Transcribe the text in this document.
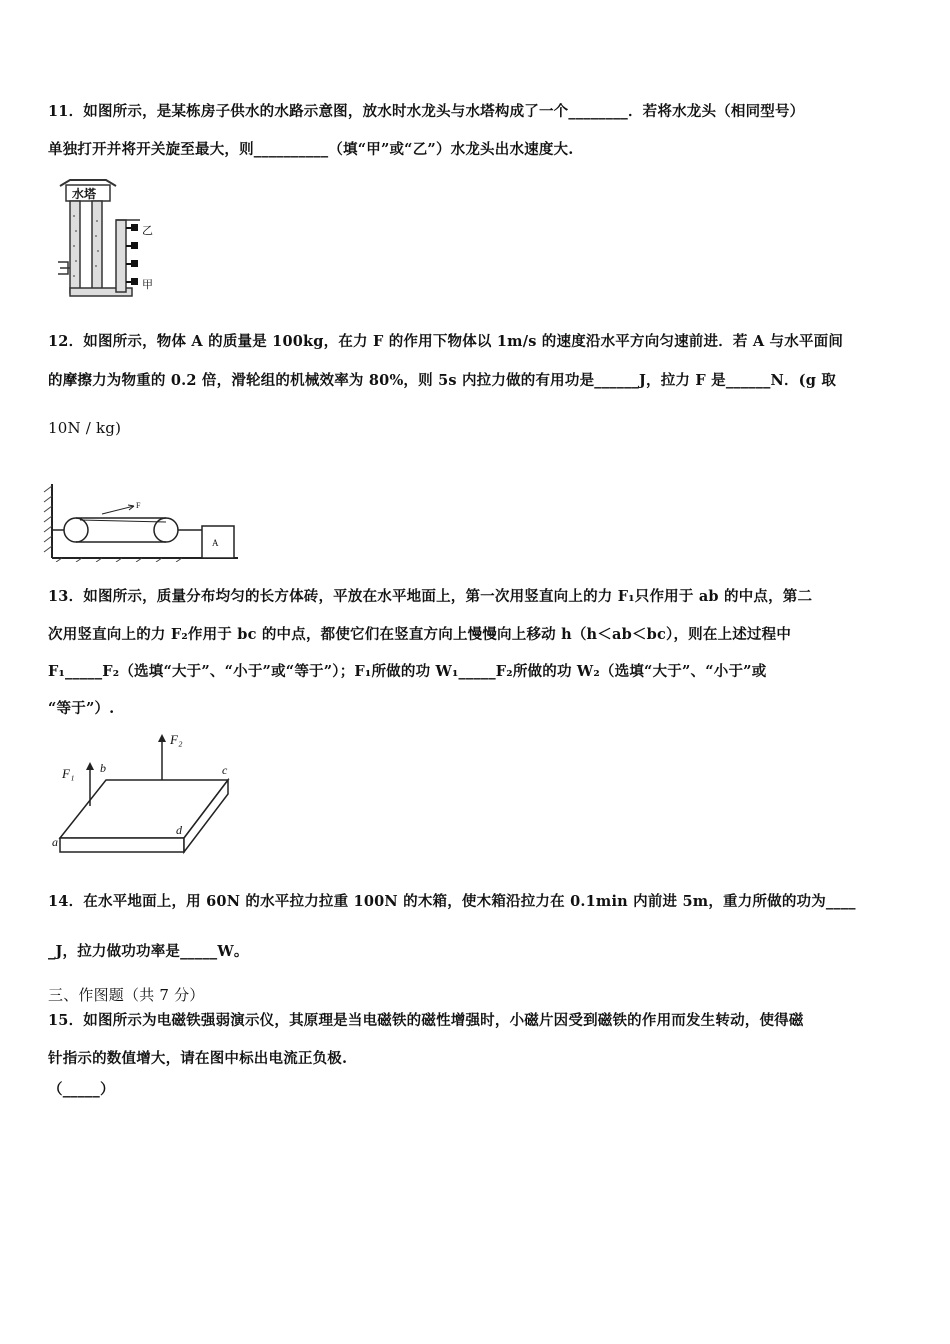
11．如图所示，是某栋房子供水的水路示意图，放水时水龙头与水塔构成了一个________．若将水龙头（相同型号）
单独打开并将开关旋至最大，则__________（填“甲”或“乙”）水龙头出水速度大.
水塔
乙
甲
12．如图所示，物体 A 的质量是 100kg，在力 F 的作用下物体以 1m/s 的速度沿水平方向匀速前进．若 A 与水平面间
的摩擦力为物重的 0.2 倍，滑轮组的机械效率为 80%，则 5s 内拉力做的有用功是______J，拉力 F 是______N．(g 取
10N / kg)
F
A
13．如图所示，质量分布均匀的长方体砖，平放在水平地面上，第一次用竖直向上的力 F₁只作用于 ab 的中点，第二
次用竖直向上的力 F₂作用于 bc 的中点，都使它们在竖直方向上慢慢向上移动 h（h＜ab＜bc），则在上述过程中
F₁_____F₂（选填“大于”、“小于”或“等于”）；F₁所做的功 W₁_____F₂所做的功 W₂（选填“大于”、“小于”或
“等于”）.
F₁
F₂
a
b	c
d
14．在水平地面上，用 60N 的水平拉力拉重 100N 的木箱，使木箱沿拉力在 0.1min 内前进 5m，重力所做的功为____
_J，拉力做功功率是_____W。
三、作图题（共 7 分）
15．如图所示为电磁铁强弱演示仪，其原理是当电磁铁的磁性增强时，小磁片因受到磁铁的作用而发生转动，使得磁
针指示的数值增大，请在图中标出电流正负极.
（_____）
